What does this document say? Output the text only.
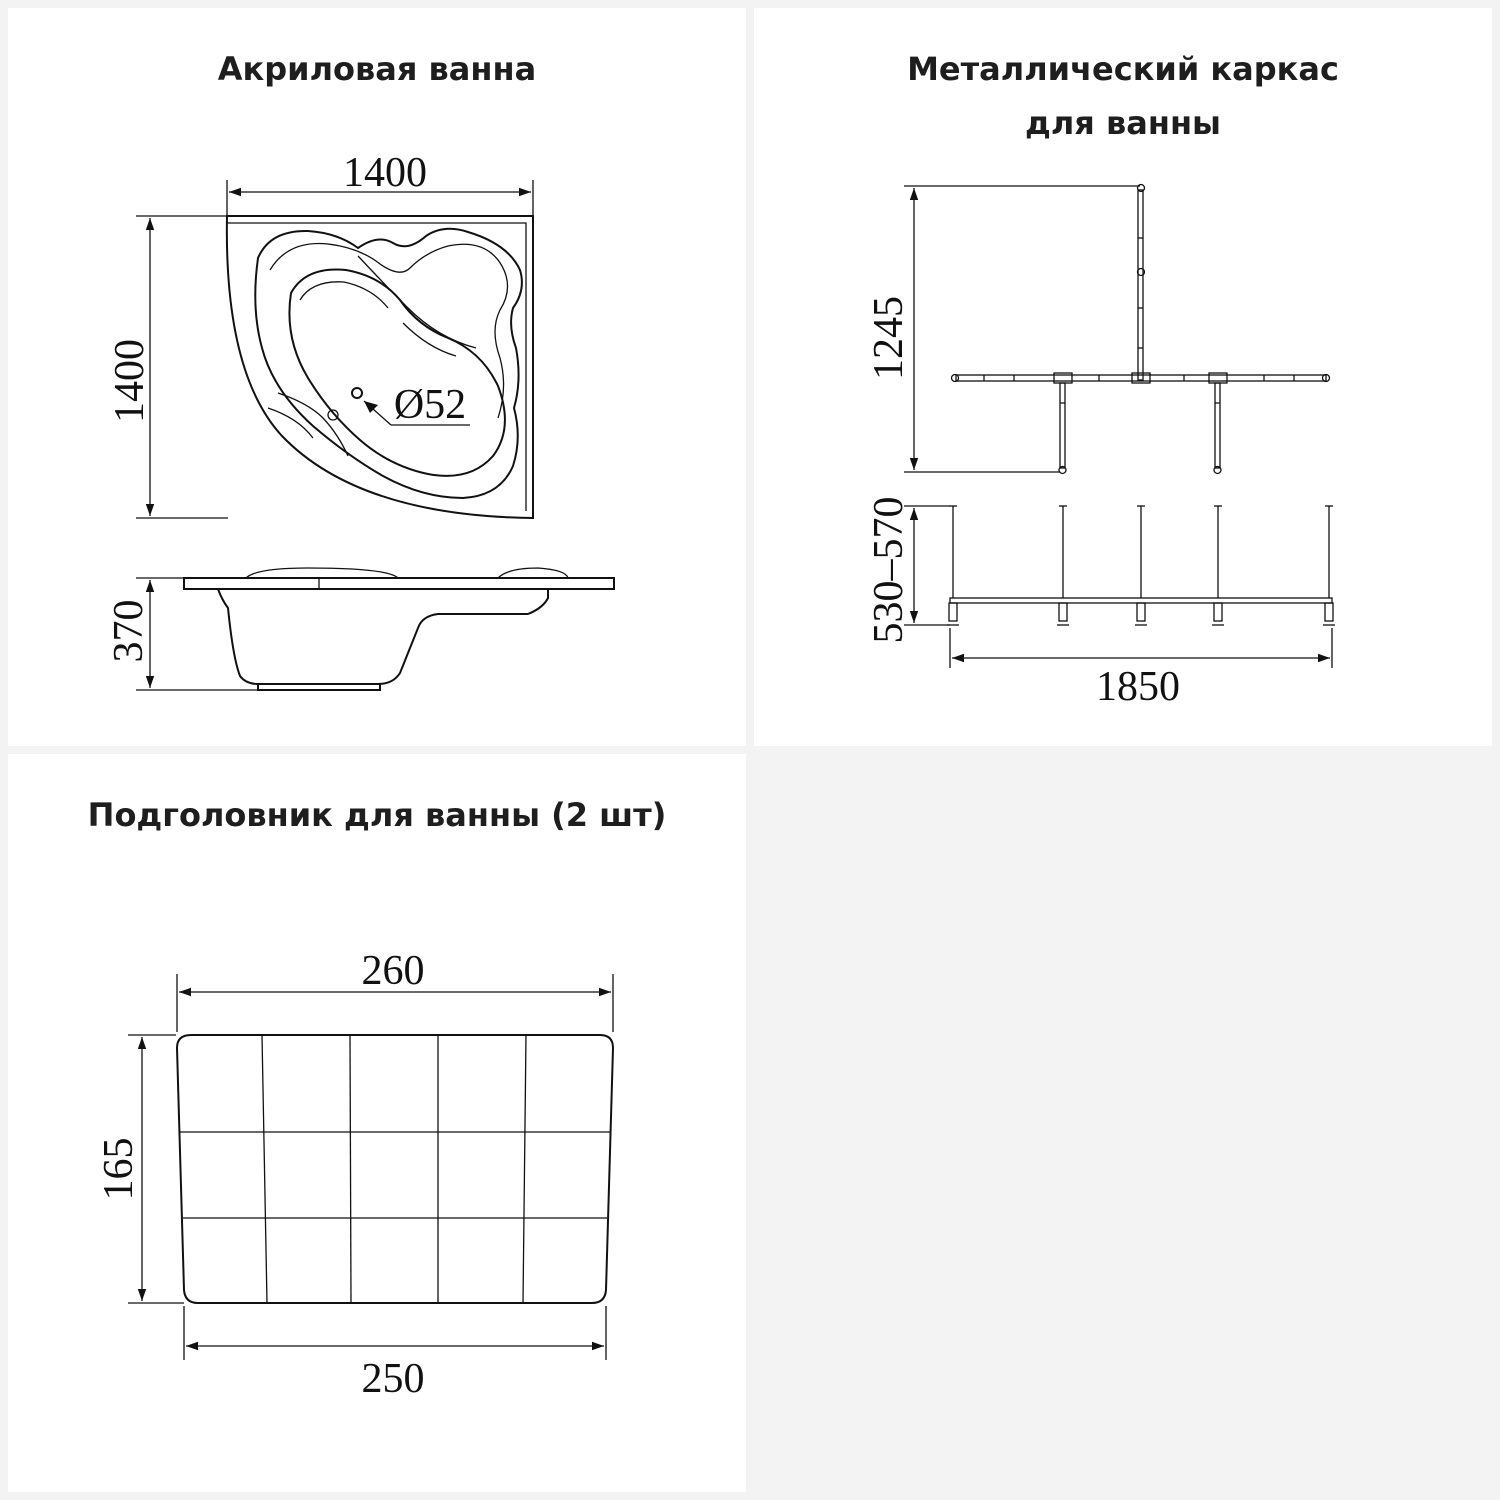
Акриловая ванна
1400
1400	Ø52
370
Металлический каркас
для ванны
1245
530–570
1850
Подголовник для ванны (2 шт)
260
165
250
